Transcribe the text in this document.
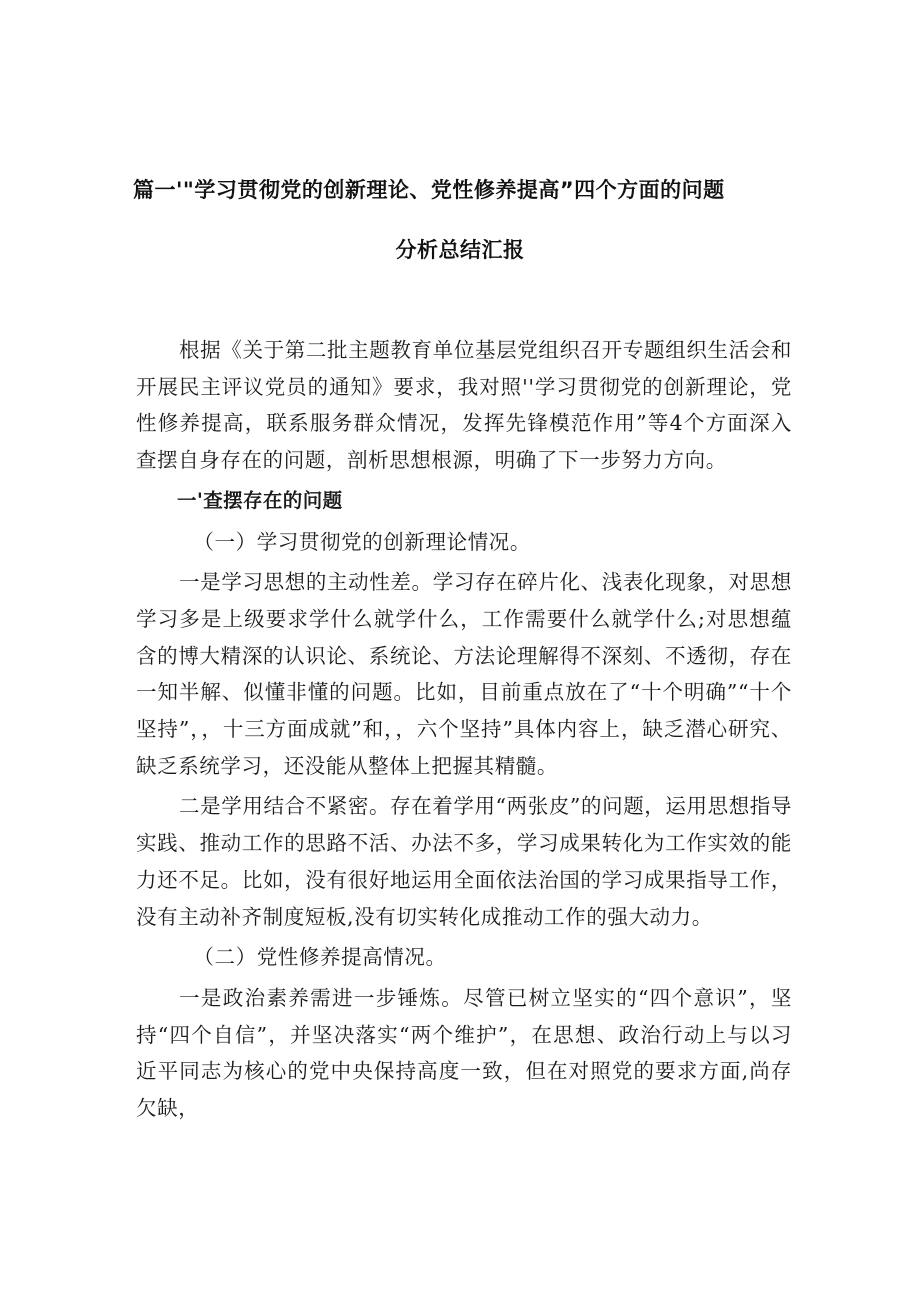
篇一'"学习贯彻党的创新理论、党性修养提高”四个方面的问题
分析总结汇报

根据《关于第二批主题教育单位基层党组织召开专题组织生活会和开展民主评议党员的通知》要求，我对照''学习贯彻党的创新理论，党性修养提高，联系服务群众情况，发挥先锋模范作用”等4个方面深入查摆自身存在的问题，剖析思想根源，明确了下一步努力方向。

一'查摆存在的问题

（一）学习贯彻党的创新理论情况。

一是学习思想的主动性差。学习存在碎片化、浅表化现象，对思想学习多是上级要求学什么就学什么，工作需要什么就学什么;对思想蕴含的博大精深的认识论、系统论、方法论理解得不深刻、不透彻，存在一知半解、似懂非懂的问题。比如，目前重点放在了“十个明确”“十个坚持”，，十三方面成就”和，，六个坚持”具体内容上，缺乏潜心研究、缺乏系统学习，还没能从整体上把握其精髓。

二是学用结合不紧密。存在着学用“两张皮”的问题，运用思想指导实践、推动工作的思路不活、办法不多，学习成果转化为工作实效的能力还不足。比如，没有很好地运用全面依法治国的学习成果指导工作，没有主动补齐制度短板,没有切实转化成推动工作的强大动力。

（二）党性修养提高情况。

一是政治素养需进一步锤炼。尽管已树立坚实的“四个意识”，坚持“四个自信”，并坚决落实“两个维护”，在思想、政治行动上与以习近平同志为核心的党中央保持高度一致，但在对照党的要求方面,尚存欠缺，
